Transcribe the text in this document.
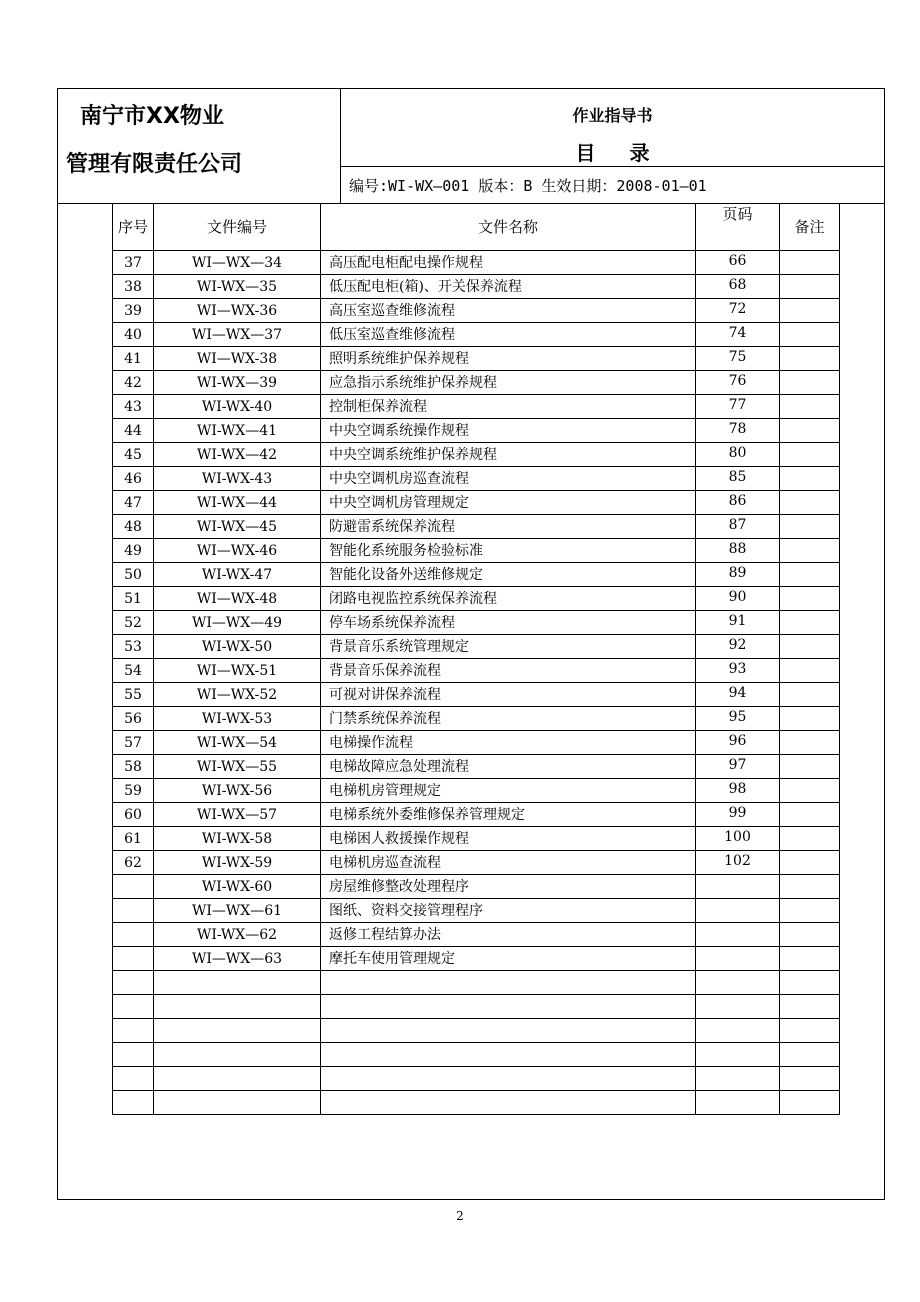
南宁市XX物业
管理有限责任公司
作业指导书
目录
编号:WI-WX—001 版本：B 生效日期：2008-01—01
序号	文件编号	文件名称	页码	备注
37	WI—WX—34	高压配电柜配电操作规程	66	
38	WI-WX—35	低压配电柜(箱)、开关保养流程	68	
39	WI—WX-36	高压室巡查维修流程	72	
40	WI—WX—37	低压室巡查维修流程	74	
41	WI—WX-38	照明系统维护保养规程	75	
42	WI-WX—39	应急指示系统维护保养规程	76	
43	WI-WX-40	控制柜保养流程	77	
44	WI-WX—41	中央空调系统操作规程	78	
45	WI-WX—42	中央空调系统维护保养规程	80	
46	WI-WX-43	中央空调机房巡查流程	85	
47	WI-WX—44	中央空调机房管理规定	86	
48	WI-WX—45	防避雷系统保养流程	87	
49	WI—WX-46	智能化系统服务检验标准	88	
50	WI-WX-47	智能化设备外送维修规定	89	
51	WI—WX-48	闭路电视监控系统保养流程	90	
52	WI—WX—49	停车场系统保养流程	91	
53	WI-WX-50	背景音乐系统管理规定	92	
54	WI—WX-51	背景音乐保养流程	93	
55	WI—WX-52	可视对讲保养流程	94	
56	WI-WX-53	门禁系统保养流程	95	
57	WI-WX—54	电梯操作流程	96	
58	WI-WX—55	电梯故障应急处理流程	97	
59	WI-WX-56	电梯机房管理规定	98	
60	WI-WX—57	电梯系统外委维修保养管理规定	99	
61	WI-WX-58	电梯困人救援操作规程	100	
62	WI-WX-59	电梯机房巡查流程	102	
	WI-WX-60	房屋维修整改处理程序		
	WI—WX—61	图纸、资料交接管理程序		
	WI-WX—62	返修工程结算办法		
	WI—WX—63	摩托车使用管理规定		

2
